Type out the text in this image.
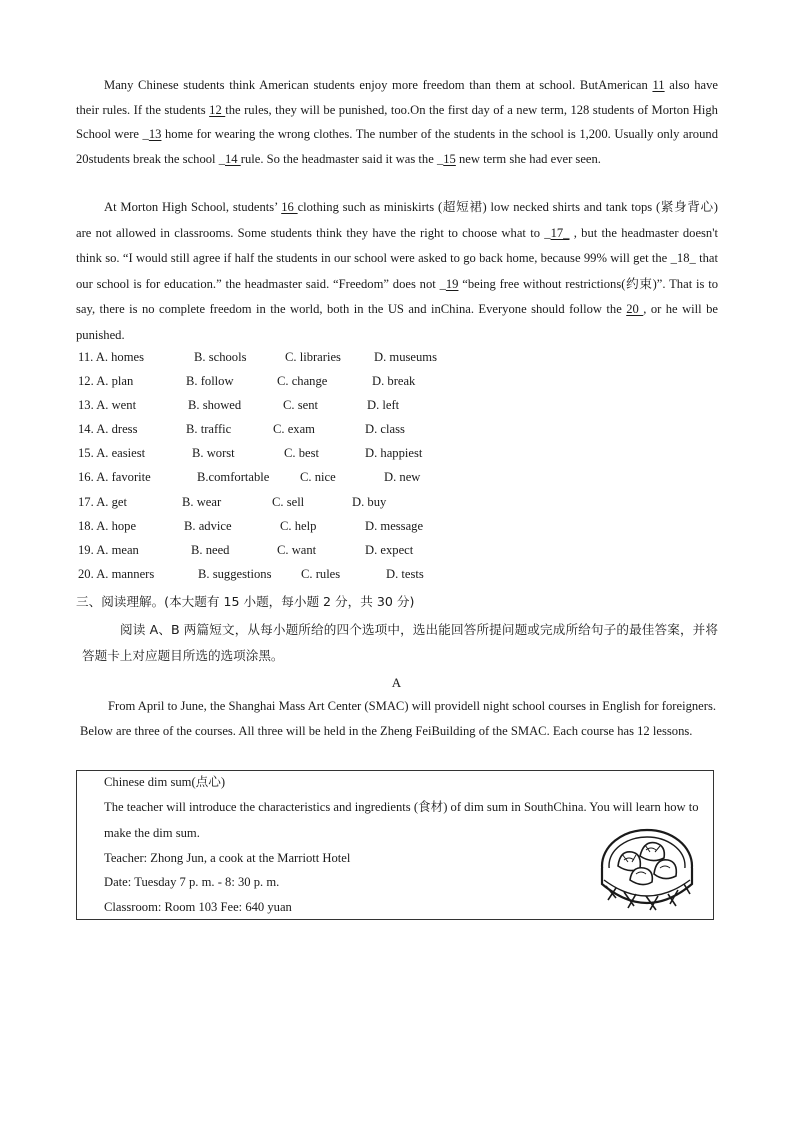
Many Chinese students think American students enjoy more freedom than them at school. ButAmerican 11 also have their rules. If the students 12 the rules, they will be punished, too.On the first day of a new term, 128 students of Morton High School were _13 home for wearing the wrong clothes. The number of the students in the school is 1,200. Usually only around 20students break the school _14 rule. So the headmaster said it was the _15 new term she had ever seen.
At Morton High School, students’ 16 clothing such as miniskirts (超短裙) low necked shirts and tank tops (紧身背心) are not allowed in classrooms. Some students think they have the right to choose what to _17_ , but the headmaster doesn't think so. “I would still agree if half the students in our school were asked to go back home, because 99% will get the _18_ that our school is for education.” the headmaster said. “Freedom” does not _19 “being free without restrictions(约束)”. That is to say, there is no complete freedom in the world, both in the US and inChina. Everyone should follow the 20 , or he will be punished.
11. A. homes	B. schools	C. libraries	D. museums
12. A. plan	B. follow	C. change	D. break
13. A. went	B. showed	C. sent	D. left
14. A. dress	B. traffic	C. exam	D. class
15. A. easiest	B. worst	C. best	D. happiest
16. A. favorite	B.comfortable C. nice	D. new
17. A. get	B. wear	C. sell	D. buy
18. A. hope	B. advice	C. help	D. message
19. A. mean	B. need	C. want	D. expect
20. A. manners	B. suggestions C. rules	D. tests
三、阅读理解。(本大题有 15 小题，每小题 2 分，共 30 分)
阅读 A、B 两篇短文，从每小题所给的四个选项中，选出能回答所提问题或完成所给句子的最佳答案，并将答题卡上对应题目所选的选项涂黑。
A
From April to June, the Shanghai Mass Art Center (SMAC) will providell night school courses in English for foreigners. Below are three of the courses. All three will be held in the Zheng FeiBuilding of the SMAC. Each course has 12 lessons.
Chinese dim sum(点心)
The teacher will introduce the characteristics and ingredients (食材) of dim sum in SouthChina. You will learn how to make the dim sum.
Teacher: Zhong Jun, a cook at the Marriott Hotel
Date: Tuesday 7 p. m. - 8: 30 p. m.
Classroom: Room 103 Fee: 640 yuan
